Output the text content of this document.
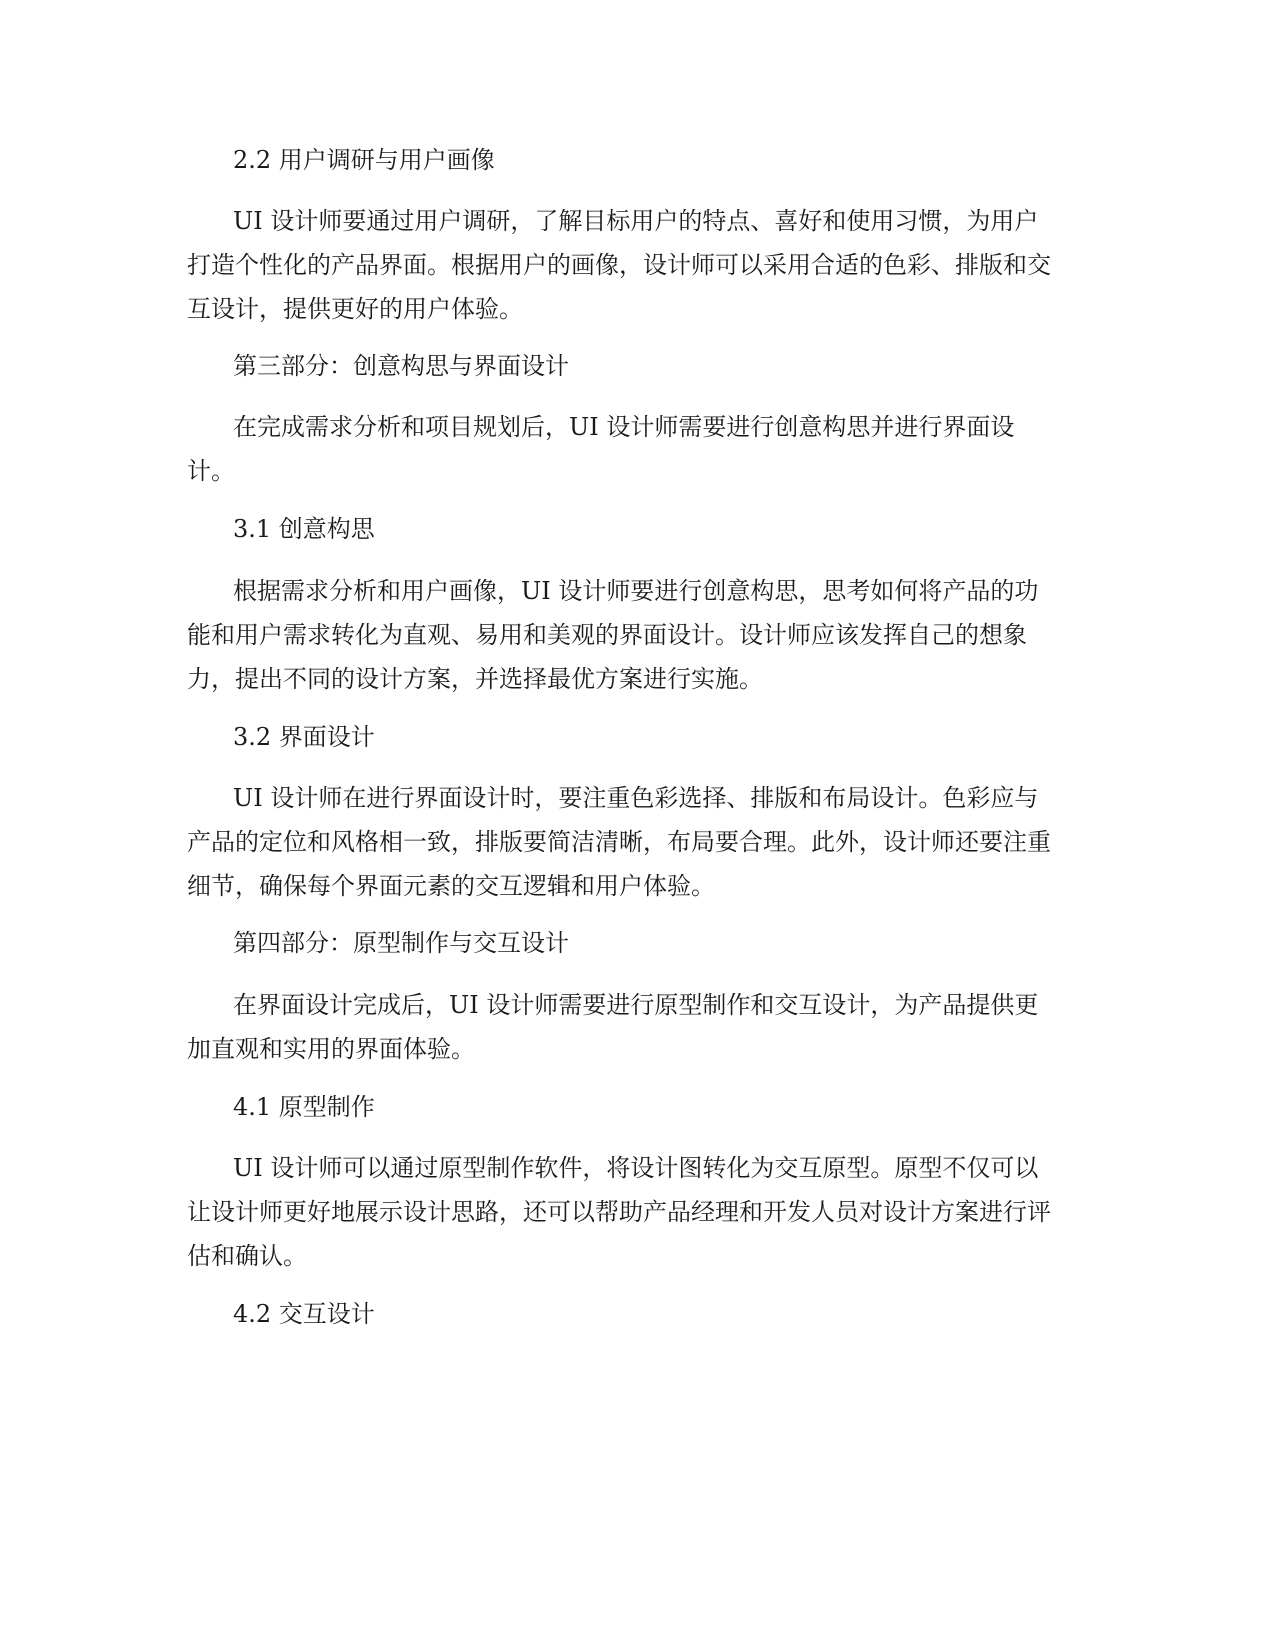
2.2 用户调研与用户画像

UI 设计师要通过用户调研，了解目标用户的特点、喜好和使用习惯，为用户
打造个性化的产品界面。根据用户的画像，设计师可以采用合适的色彩、排版和交
互设计，提供更好的用户体验。

第三部分：创意构思与界面设计

在完成需求分析和项目规划后，UI 设计师需要进行创意构思并进行界面设
计。

3.1 创意构思

根据需求分析和用户画像，UI 设计师要进行创意构思，思考如何将产品的功
能和用户需求转化为直观、易用和美观的界面设计。设计师应该发挥自己的想象
力，提出不同的设计方案，并选择最优方案进行实施。

3.2 界面设计

UI 设计师在进行界面设计时，要注重色彩选择、排版和布局设计。色彩应与
产品的定位和风格相一致，排版要简洁清晰，布局要合理。此外，设计师还要注重
细节，确保每个界面元素的交互逻辑和用户体验。

第四部分：原型制作与交互设计

在界面设计完成后，UI 设计师需要进行原型制作和交互设计，为产品提供更
加直观和实用的界面体验。

4.1 原型制作

UI 设计师可以通过原型制作软件，将设计图转化为交互原型。原型不仅可以
让设计师更好地展示设计思路，还可以帮助产品经理和开发人员对设计方案进行评
估和确认。

4.2 交互设计
